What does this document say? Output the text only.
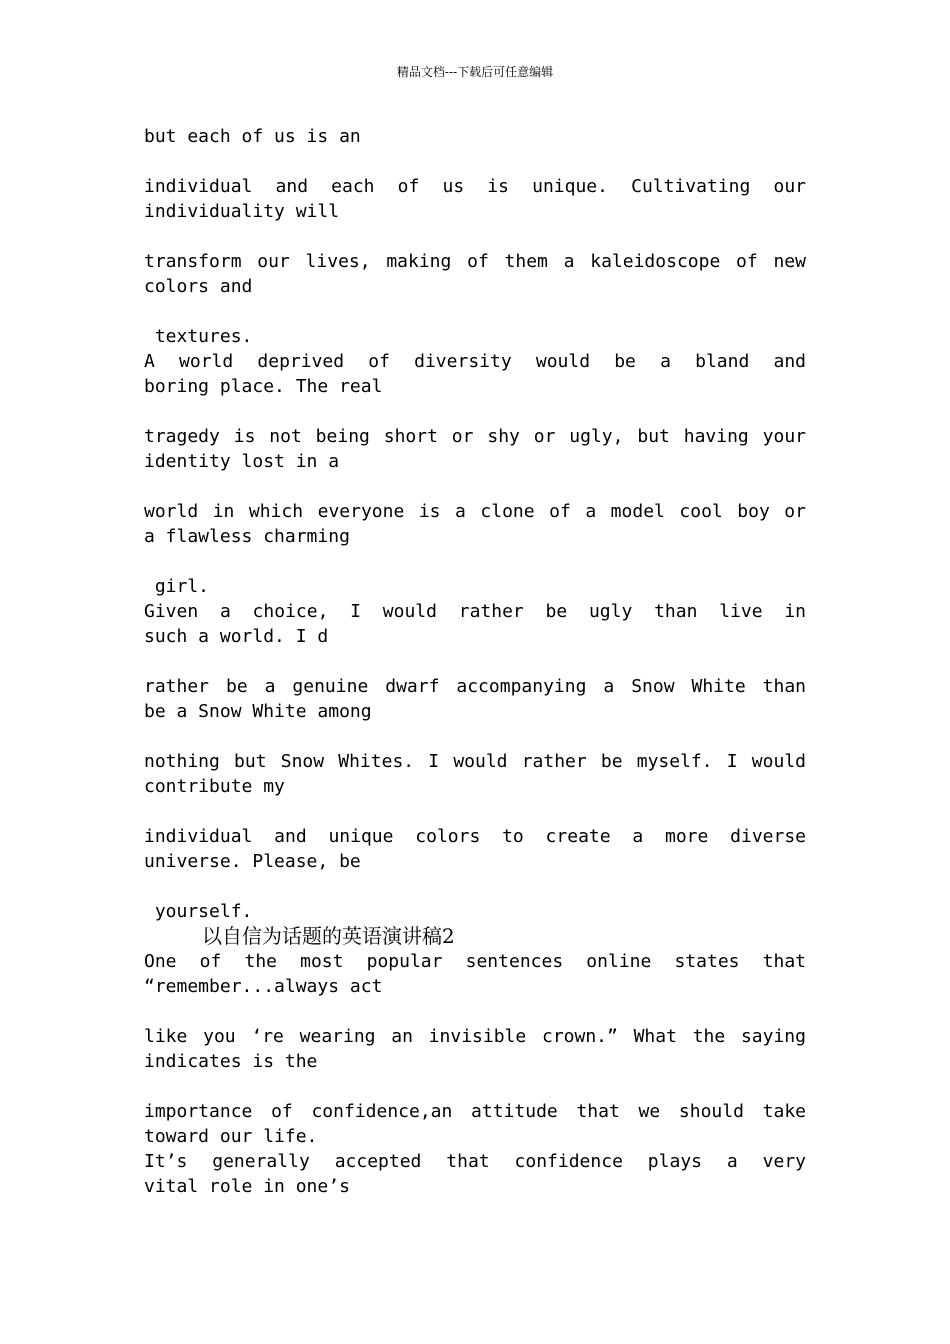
精品文档---下载后可任意编辑
but each of us is an
individual and each of us is unique. Cultivating our
individuality will
transform our lives, making of them a kaleidoscope of new
colors and
textures.
A world deprived of diversity would be a bland and
boring place. The real
tragedy is not being short or shy or ugly, but having your
identity lost in a
world in which everyone is a clone of a model cool boy or
a flawless charming
girl.
Given a choice, I would rather be ugly than live in
such a world. I d
rather be a genuine dwarf accompanying a Snow White than
be a Snow White among
nothing but Snow Whites. I would rather be myself. I would
contribute my
individual and unique colors to create a more diverse
universe. Please, be
yourself.
以自信为话题的英语演讲稿2
One of the most popular sentences online states that
“remember...always act
like you ‘re wearing an invisible crown.” What the saying
indicates is the
importance of confidence,an attitude that we should take
toward our life.
It’s generally accepted that confidence plays a very
vital role in one’s
